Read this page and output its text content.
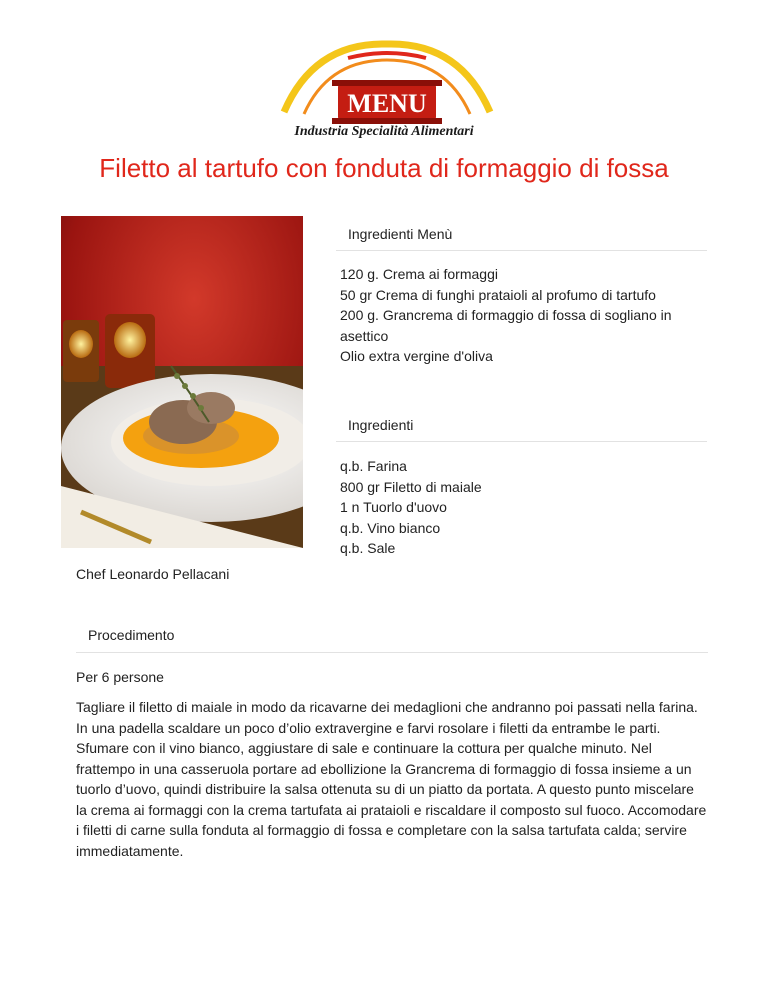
MENU
Industria Specialità Alimentari
Filetto al tartufo con fonduta di formaggio di fossa
Chef Leonardo Pellacani
Ingredienti Menù
120 g. Crema ai formaggi
50 gr Crema di funghi prataioli al profumo di tartufo
200 g. Grancrema di formaggio di fossa di sogliano in asettico
Olio extra vergine d'oliva
Ingredienti
q.b. Farina
800 gr Filetto di maiale
1 n Tuorlo d'uovo
q.b. Vino bianco
q.b. Sale
Procedimento
Per 6 persone

Tagliare il filetto di maiale in modo da ricavarne dei medaglioni che andranno poi passati nella farina. In una padella scaldare un poco d’olio extravergine e farvi rosolare i filetti da entrambe le parti. Sfumare con il vino bianco, aggiustare di sale e continuare la cottura per qualche minuto. Nel frattempo in una casseruola portare ad ebollizione la Grancrema di formaggio di fossa insieme a un tuorlo d’uovo, quindi distribuire la salsa ottenuta su di un piatto da portata. A questo punto miscelare la crema ai formaggi con la crema tartufata ai prataioli e riscaldare il composto sul fuoco. Accomodare i filetti di carne sulla fonduta al formaggio di fossa e completare con la salsa tartufata calda; servire immediatamente.
